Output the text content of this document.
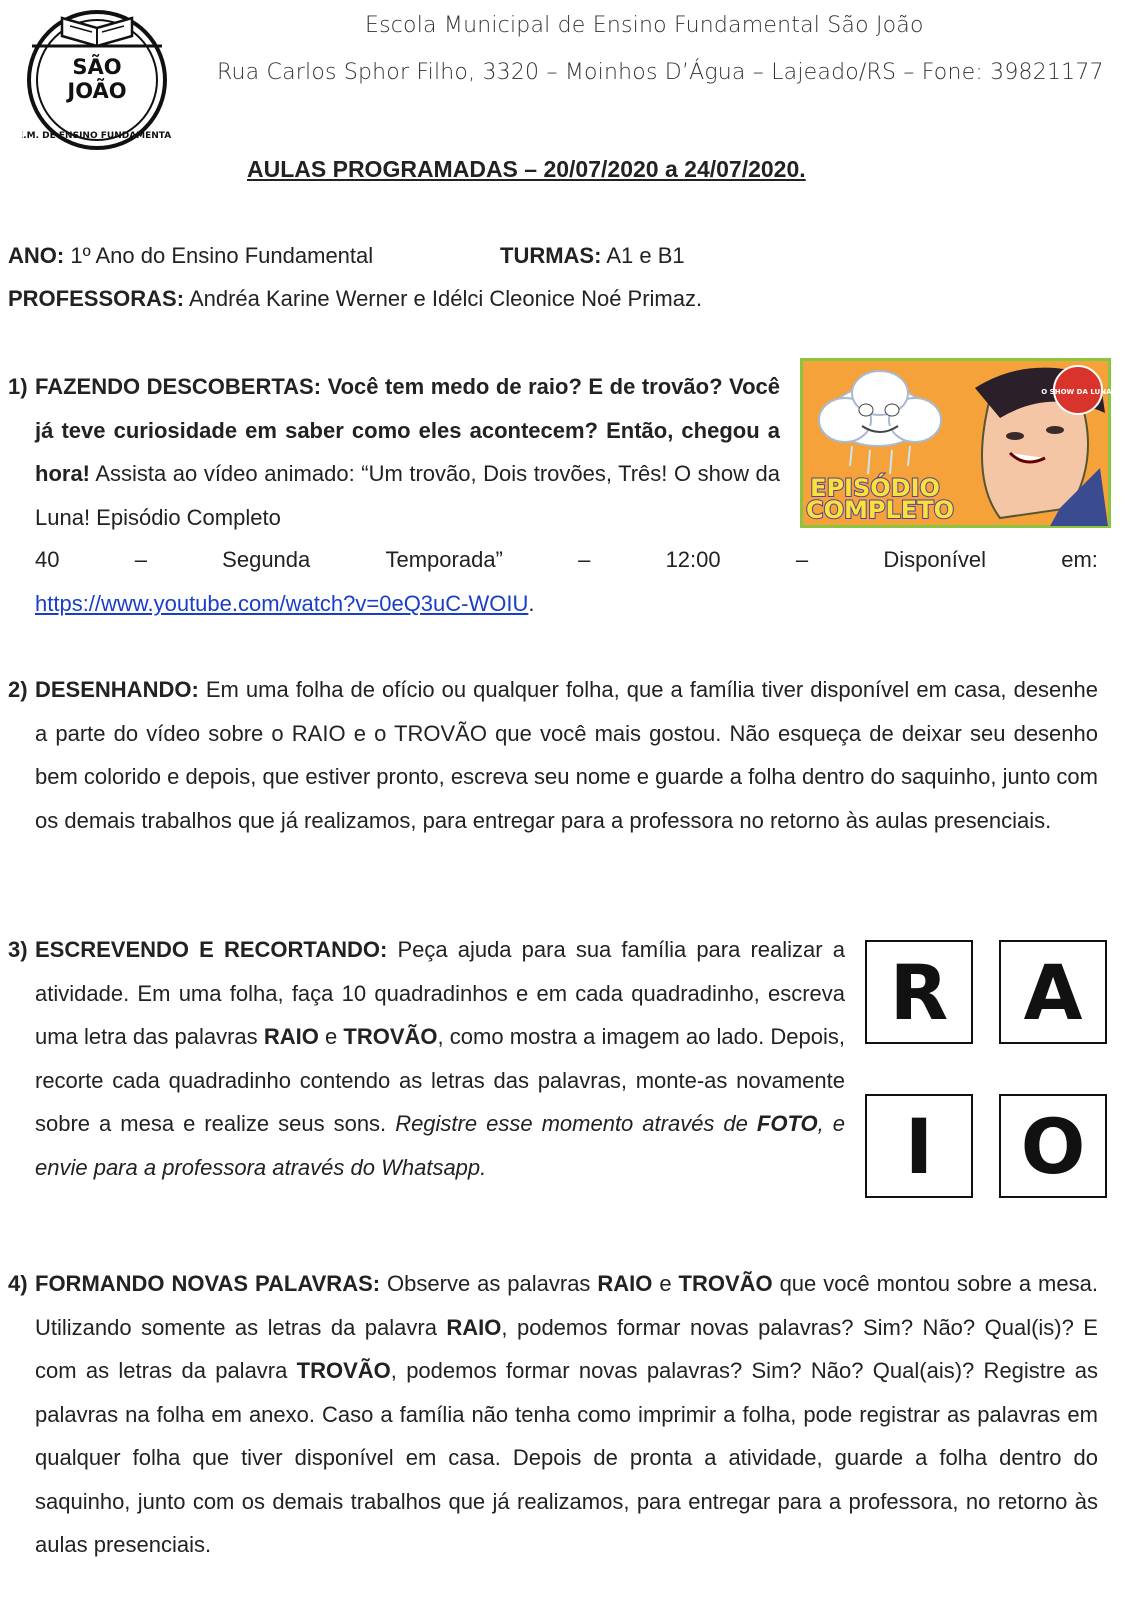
SÃO
JOÃO
E.M. DE ENSINO FUNDAMENTAL
Escola Municipal de Ensino Fundamental São João
Rua Carlos Sphor Filho, 3320 – Moinhos D’Água – Lajeado/RS – Fone: 39821177
AULAS PROGRAMADAS – 20/07/2020 a 24/07/2020.
ANO: 1º Ano do Ensino Fundamental	TURMAS: A1 e B1
PROFESSORAS: Andréa Karine Werner e Idélci Cleonice Noé Primaz.
1) FAZENDO DESCOBERTAS: Você tem medo de raio? E de trovão? Você já teve curiosidade em saber como eles acontecem? Então, chegou a hora! Assista ao vídeo animado: “Um trovão, Dois trovões, Três! O show da Luna! Episódio Completo
40	–	Segunda	Temporada”	–	12:00	–	Disponível	em:
https://www.youtube.com/watch?v=0eQ3uC-WOIU.
O SHOW DA LUNA!
EPISÓDIO
COMPLETO
2) DESENHANDO: Em uma folha de ofício ou qualquer folha, que a família tiver disponível em casa, desenhe a parte do vídeo sobre o RAIO e o TROVÃO que você mais gostou. Não esqueça de deixar seu desenho bem colorido e depois, que estiver pronto, escreva seu nome e guarde a folha dentro do saquinho, junto com os demais trabalhos que já realizamos, para entregar para a professora no retorno às aulas presenciais.
3) ESCREVENDO E RECORTANDO: Peça ajuda para sua família para realizar a atividade. Em uma folha, faça 10 quadradinhos e em cada quadradinho, escreva uma letra das palavras RAIO e TROVÃO, como mostra a imagem ao lado. Depois, recorte cada quadradinho contendo as letras das palavras, monte-as novamente sobre a mesa e realize seus sons. Registre esse momento através de FOTO, e envie para a professora através do Whatsapp.
R A
I	O
4) FORMANDO NOVAS PALAVRAS: Observe as palavras RAIO e TROVÃO que você montou sobre a mesa. Utilizando somente as letras da palavra RAIO, podemos formar novas palavras? Sim? Não? Qual(is)? E com as letras da palavra TROVÃO, podemos formar novas palavras? Sim? Não? Qual(ais)? Registre as palavras na folha em anexo. Caso a família não tenha como imprimir a folha, pode registrar as palavras em qualquer folha que tiver disponível em casa. Depois de pronta a atividade, guarde a folha dentro do saquinho, junto com os demais trabalhos que já realizamos, para entregar para a professora, no retorno às aulas presenciais.
